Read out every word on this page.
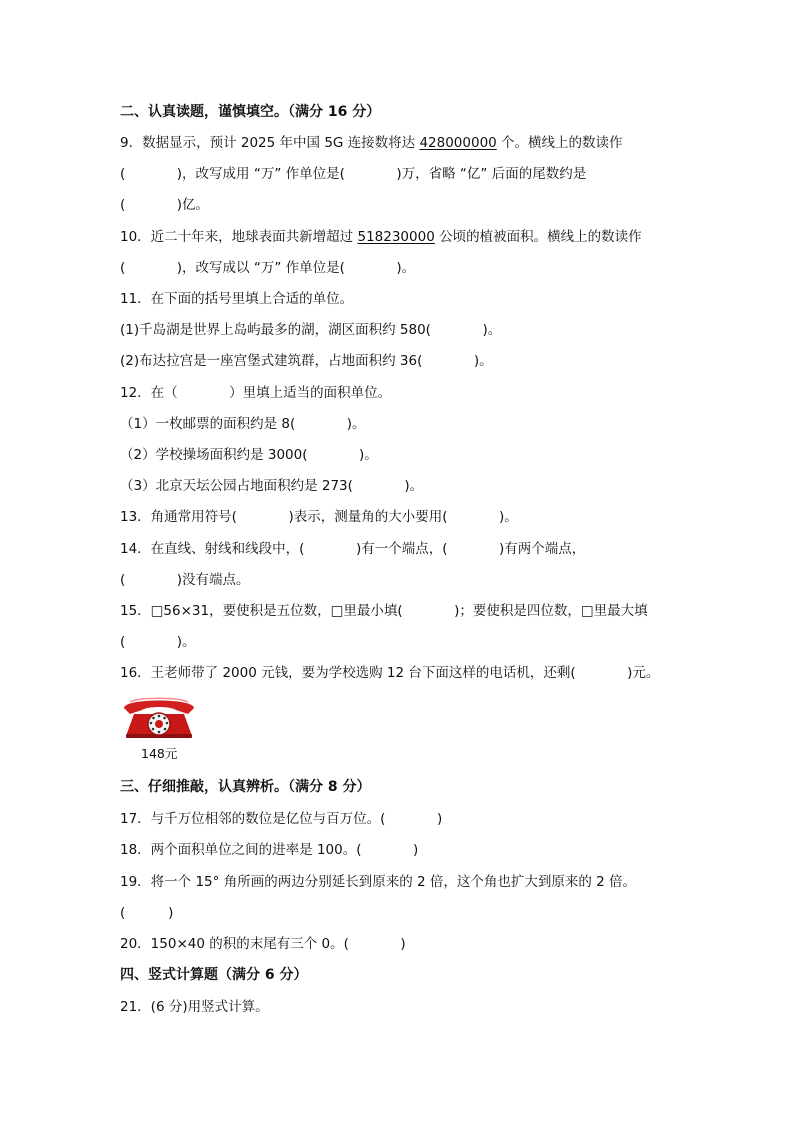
二、认真读题，谨慎填空。（满分 16 分）
9．数据显示，预计 2025 年中国 5G 连接数将达 428000000 个。横线上的数读作
(            )，改写成用 “万” 作单位是(            )万，省略 “亿” 后面的尾数约是
(            )亿。
10．近二十年来，地球表面共新增超过 518230000 公顷的植被面积。横线上的数读作
(            )，改写成以 “万” 作单位是(            )。
11．在下面的括号里填上合适的单位。
(1)千岛湖是世界上岛屿最多的湖，湖区面积约 580(            )。
(2)布达拉宫是一座宫堡式建筑群，占地面积约 36(            )。
12．在（            ）里填上适当的面积单位。
（1）一枚邮票的面积约是 8(            )。
（2）学校操场面积约是 3000(            )。
（3）北京天坛公园占地面积约是 273(            )。
13．角通常用符号(            )表示，测量角的大小要用(            )。
14．在直线、射线和线段中，(            )有一个端点，(            )有两个端点，
(            )没有端点。
15．□56×31，要使积是五位数，□里最小填(            )；要使积是四位数，□里最大填
(            )。
16．王老师带了 2000 元钱，要为学校选购 12 台下面这样的电话机，还剩(            )元。
148元
三、仔细推敲，认真辨析。（满分 8 分）
17．与千万位相邻的数位是亿位与百万位。(            )
18．两个面积单位之间的进率是 100。(            )
19．将一个 15° 角所画的两边分别延长到原来的 2 倍，这个角也扩大到原来的 2 倍。
(          )
20．150×40 的积的末尾有三个 0。(            )
四、竖式计算题（满分 6 分）
21．(6 分)用竖式计算。
